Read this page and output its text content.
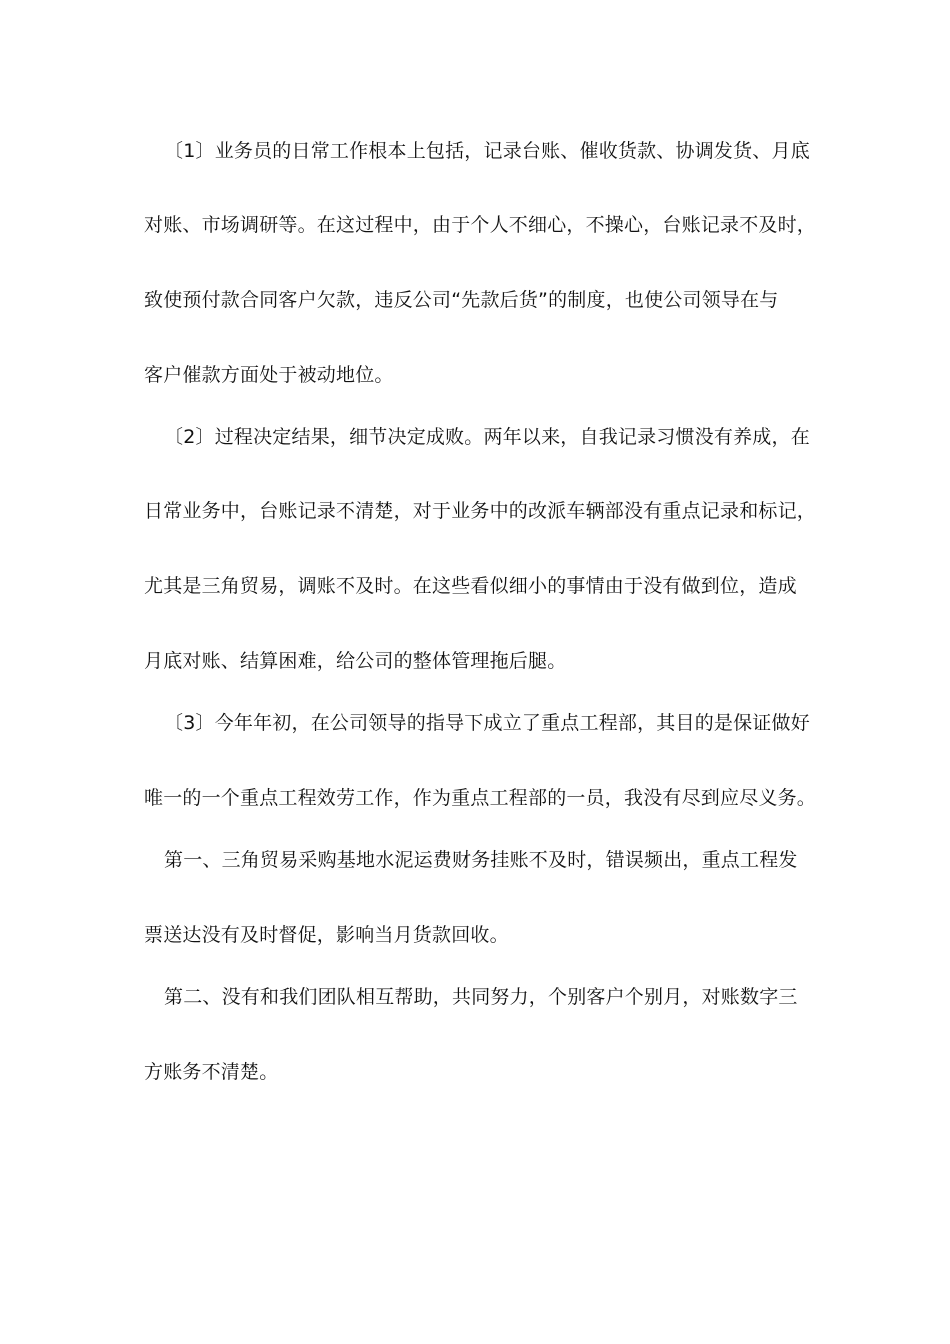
〔1〕业务员的日常工作根本上包括，记录台账、催收货款、协调发货、月底
对账、市场调研等。在这过程中，由于个人不细心，不操心，台账记录不及时，
致使预付款合同客户欠款，违反公司“先款后货”的制度，也使公司领导在与
客户催款方面处于被动地位。
〔2〕过程决定结果，细节决定成败。两年以来，自我记录习惯没有养成，在
日常业务中，台账记录不清楚，对于业务中的改派车辆部没有重点记录和标记，
尤其是三角贸易，调账不及时。在这些看似细小的事情由于没有做到位，造成
月底对账、结算困难，给公司的整体管理拖后腿。
〔3〕今年年初，在公司领导的指导下成立了重点工程部，其目的是保证做好
唯一的一个重点工程效劳工作，作为重点工程部的一员，我没有尽到应尽义务。
第一、三角贸易采购基地水泥运费财务挂账不及时，错误频出，重点工程发
票送达没有及时督促，影响当月货款回收。
第二、没有和我们团队相互帮助，共同努力，个别客户个别月，对账数字三
方账务不清楚。
